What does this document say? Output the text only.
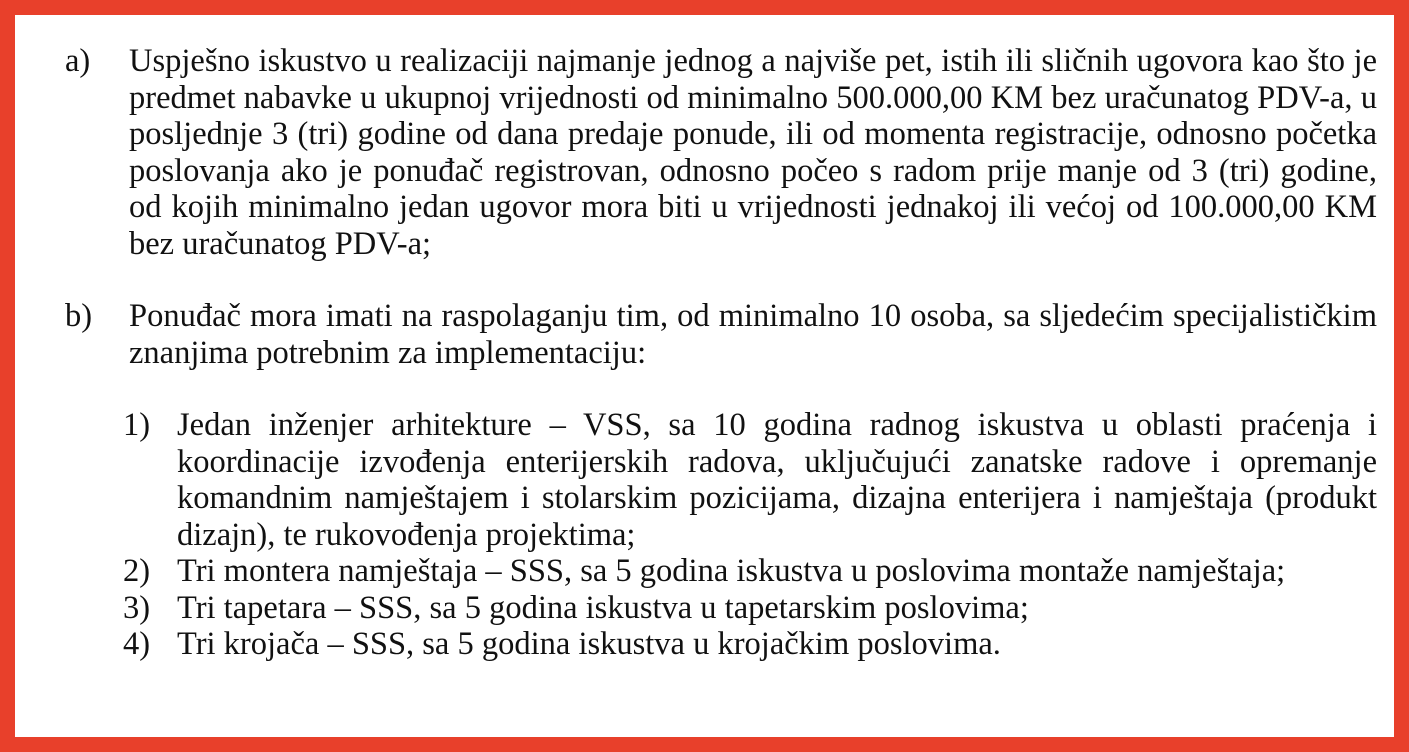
a) Uspješno iskustvo u realizaciji najmanje jednog a najviše pet, istih ili sličnih ugovora kao što je predmet nabavke u ukupnoj vrijednosti od minimalno 500.000,00 KM bez uračunatog PDV-a, u posljednje 3 (tri) godine od dana predaje ponude, ili od momenta registracije, odnosno početka poslovanja ako je ponuđač registrovan, odnosno počeo s radom prije manje od 3 (tri) godine, od kojih minimalno jedan ugovor mora biti u vrijednosti jednakoj ili većoj od 100.000,00 KM bez uračunatog PDV-a;
b) Ponuđač mora imati na raspolaganju tim, od minimalno 10 osoba, sa sljedećim specijalističkim znanjima potrebnim za implementaciju:
1) Jedan inženjer arhitekture – VSS, sa 10 godina radnog iskustva u oblasti praćenja i koordinacije izvođenja enterijerskih radova, uključujući zanatske radove i opremanje komandnim namještajem i stolarskim pozicijama, dizajna enterijera i namještaja (produkt dizajn), te rukovođenja projektima;
2) Tri montera namještaja – SSS, sa 5 godina iskustva u poslovima montaže namještaja;
3) Tri tapetara – SSS, sa 5 godina iskustva u tapetarskim poslovima;
4) Tri krojača – SSS, sa 5 godina iskustva u krojačkim poslovima.
